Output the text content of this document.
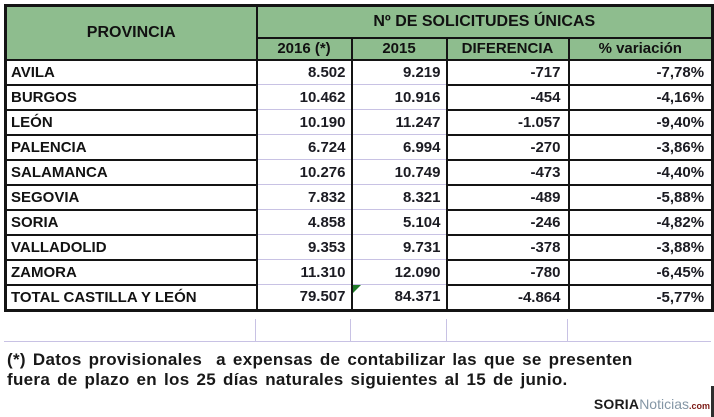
PROVINCIA	Nº DE SOLICITUDES ÚNICAS			
	2016 (*)	2015	DIFERENCIA	% variación
AVILA	8.502	9.219	-717	-7,78%
BURGOS	10.462	10.916	-454	-4,16%
LEÓN	10.190	11.247	-1.057	-9,40%
PALENCIA	6.724	6.994	-270	-3,86%
SALAMANCA	10.276	10.749	-473	-4,40%
SEGOVIA	7.832	8.321	-489	-5,88%
SORIA	4.858	5.104	-246	-4,82%
VALLADOLID	9.353	9.731	-378	-3,88%
ZAMORA	11.310	12.090	-780	-6,45%
TOTAL CASTILLA Y LEÓN	79.507	84.371	-4.864	-5,77%
(*) Datos provisionales  a expensas de contabilizar las que se presenten
fuera de plazo en los 25 días naturales siguientes al 15 de junio.
SORIANoticias.com
